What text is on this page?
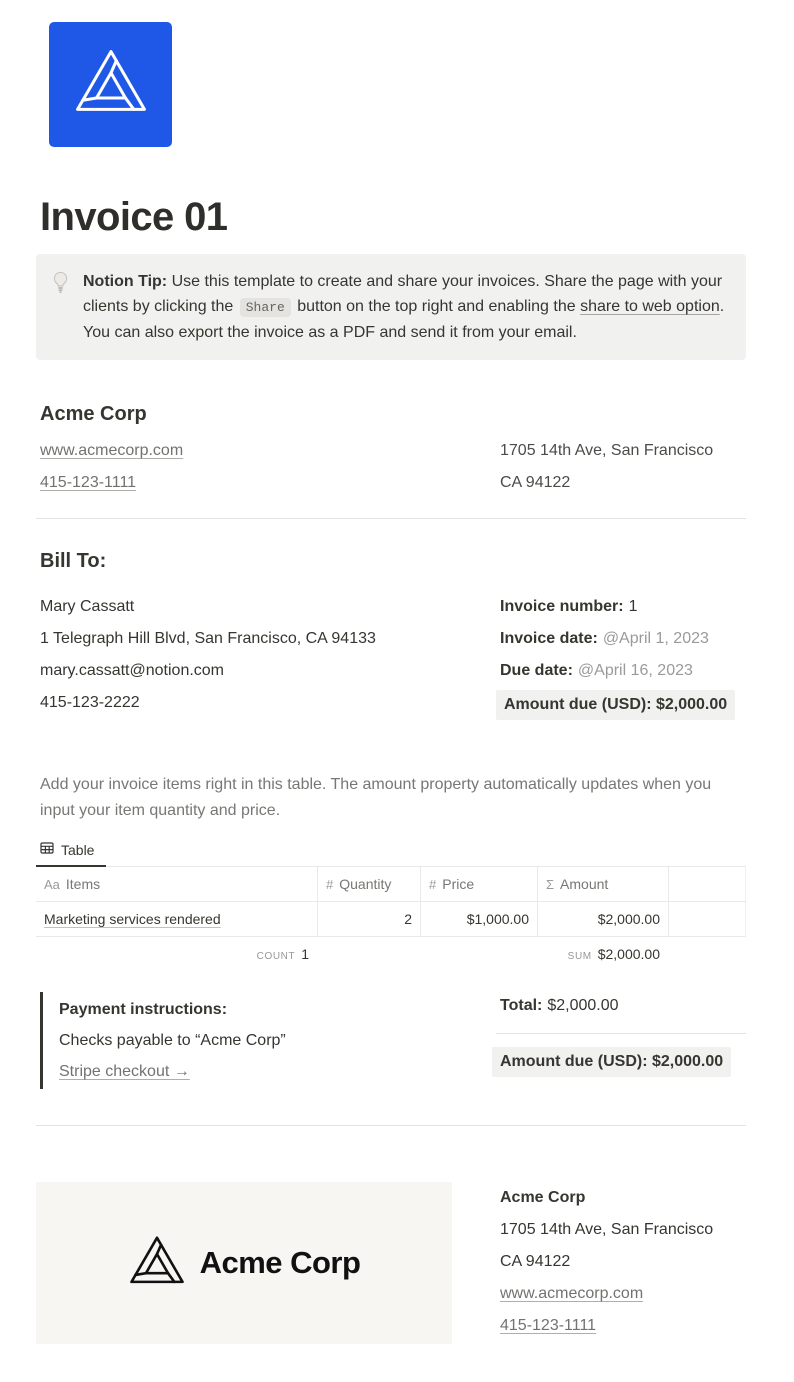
Invoice 01
Notion Tip: Use this template to create and share your invoices. Share the page with your clients by clicking the Share button on the top right and enabling the share to web option. You can also export the invoice as a PDF and send it from your email.
Acme Corp
www.acmecorp.com
415-123-1111
1705 14th Ave, San Francisco
CA 94122
Bill To:
Mary Cassatt
1 Telegraph Hill Blvd, San Francisco, CA 94133
mary.cassatt@notion.com
415-123-2222
Invoice number: 1
Invoice date: @April 1, 2023
Due date: @April 16, 2023
Amount due (USD): $2,000.00

Add your invoice items right in this table. The amount property automatically updates when you input your item quantity and price.

Table
Aa Items	# Quantity	# Price	Σ Amount
Marketing services rendered	2	$1,000.00	$2,000.00
COUNT 1	SUM $2,000.00
Payment instructions:
Checks payable to “Acme Corp”
Stripe checkout →
Total: $2,000.00
Amount due (USD): $2,000.00
Acme Corp
Acme Corp
1705 14th Ave, San Francisco
CA 94122
www.acmecorp.com
415-123-1111
